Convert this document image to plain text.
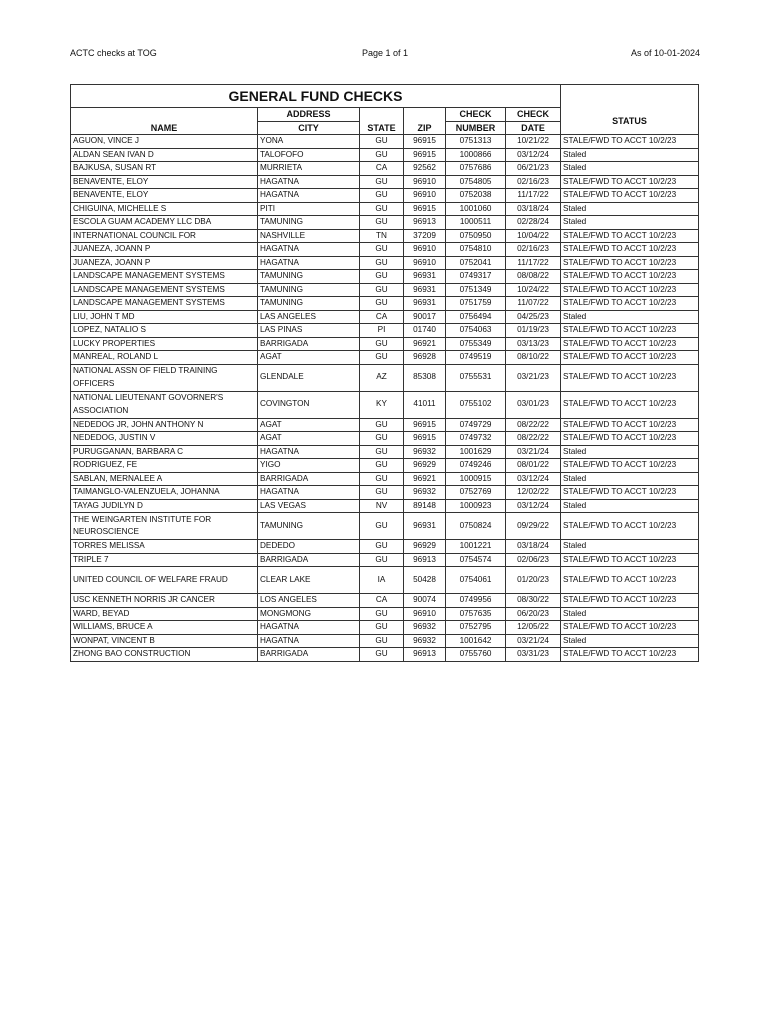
ACTC checks at TOG	Page 1 of 1	As of 10-01-2024
GENERAL FUND CHECKS						
NAME	ADDRESS	STATE	ZIP	CHECK	CHECK	STATUS
	CITY			NUMBER	DATE	
AGUON, VINCE J	YONA	GU	96915	0751313	10/21/22	STALE/FWD TO ACCT 10/2/23
ALDAN SEAN IVAN D	TALOFOFO	GU	96915	1000866	03/12/24	Staled
BAJKUSA, SUSAN RT	MURRIETA	CA	92562	0757686	06/21/23	Staled
BENAVENTE, ELOY	HAGATNA	GU	96910	0754805	02/16/23	STALE/FWD TO ACCT 10/2/23
BENAVENTE, ELOY	HAGATNA	GU	96910	0752038	11/17/22	STALE/FWD TO ACCT 10/2/23
CHIGUINA, MICHELLE S	PITI	GU	96915	1001060	03/18/24	Staled
ESCOLA GUAM ACADEMY LLC DBA	TAMUNING	GU	96913	1000511	02/28/24	Staled
INTERNATIONAL COUNCIL FOR	NASHVILLE	TN	37209	0750950	10/04/22	STALE/FWD TO ACCT 10/2/23
JUANEZA, JOANN P	HAGATNA	GU	96910	0754810	02/16/23	STALE/FWD TO ACCT 10/2/23
JUANEZA, JOANN P	HAGATNA	GU	96910	0752041	11/17/22	STALE/FWD TO ACCT 10/2/23
LANDSCAPE MANAGEMENT SYSTEMS	TAMUNING	GU	96931	0749317	08/08/22	STALE/FWD TO ACCT 10/2/23
LANDSCAPE MANAGEMENT SYSTEMS	TAMUNING	GU	96931	0751349	10/24/22	STALE/FWD TO ACCT 10/2/23
LANDSCAPE MANAGEMENT SYSTEMS	TAMUNING	GU	96931	0751759	11/07/22	STALE/FWD TO ACCT 10/2/23
LIU, JOHN T MD	LAS ANGELES	CA	90017	0756494	04/25/23	Staled
LOPEZ, NATALIO S	LAS PINAS	PI	01740	0754063	01/19/23	STALE/FWD TO ACCT 10/2/23
LUCKY PROPERTIES	BARRIGADA	GU	96921	0755349	03/13/23	STALE/FWD TO ACCT 10/2/23
MANREAL, ROLAND L	AGAT	GU	96928	0749519	08/10/22	STALE/FWD TO ACCT 10/2/23
NATIONAL ASSN OF FIELD TRAINING OFFICERS	GLENDALE	AZ	85308	0755531	03/21/23	STALE/FWD TO ACCT 10/2/23
NATIONAL LIEUTENANT GOVORNER'S ASSOCIATION	COVINGTON	KY	41011	0755102	03/01/23	STALE/FWD TO ACCT 10/2/23
NEDEDOG JR, JOHN ANTHONY N	AGAT	GU	96915	0749729	08/22/22	STALE/FWD TO ACCT 10/2/23
NEDEDOG, JUSTIN V	AGAT	GU	96915	0749732	08/22/22	STALE/FWD TO ACCT 10/2/23
PURUGGANAN, BARBARA C	HAGATNA	GU	96932	1001629	03/21/24	Staled
RODRIGUEZ, FE	YIGO	GU	96929	0749246	08/01/22	STALE/FWD TO ACCT 10/2/23
SABLAN, MERNALEE A	BARRIGADA	GU	96921	1000915	03/12/24	Staled
TAIMANGLO-VALENZUELA, JOHANNA	HAGATNA	GU	96932	0752769	12/02/22	STALE/FWD TO ACCT 10/2/23
TAYAG JUDILYN D	LAS VEGAS	NV	89148	1000923	03/12/24	Staled
THE WEINGARTEN INSTITUTE FOR NEUROSCIENCE	TAMUNING	GU	96931	0750824	09/29/22	STALE/FWD TO ACCT 10/2/23
TORRES MELISSA	DEDEDO	GU	96929	1001221	03/18/24	Staled
TRIPLE 7	BARRIGADA	GU	96913	0754574	02/06/23	STALE/FWD TO ACCT 10/2/23
UNITED COUNCIL OF WELFARE FRAUD	CLEAR LAKE	IA	50428	0754061	01/20/23	STALE/FWD TO ACCT 10/2/23
USC KENNETH NORRIS JR CANCER	LOS ANGELES	CA	90074	0749956	08/30/22	STALE/FWD TO ACCT 10/2/23
WARD, BEYAD	MONGMONG	GU	96910	0757635	06/20/23	Staled
WILLIAMS, BRUCE A	HAGATNA	GU	96932	0752795	12/05/22	STALE/FWD TO ACCT 10/2/23
WONPAT, VINCENT B	HAGATNA	GU	96932	1001642	03/21/24	Staled
ZHONG BAO CONSTRUCTION	BARRIGADA	GU	96913	0755760	03/31/23	STALE/FWD TO ACCT 10/2/23
